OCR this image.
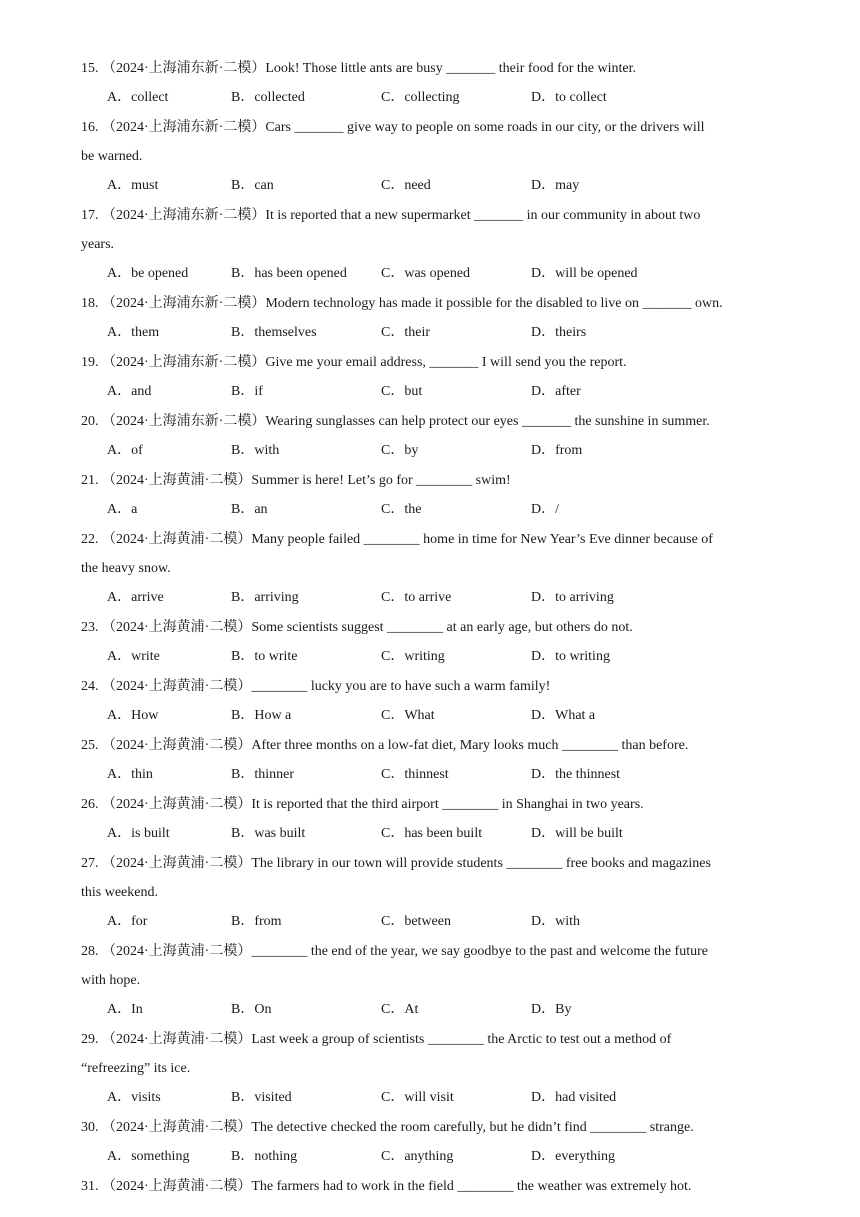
15. （2024·上海浦东新·二模）Look! Those little ants are busy _______ their food for the winter.
A．collect	B．collected	C．collecting	D．to collect
16. （2024·上海浦东新·二模）Cars _______ give way to people on some roads in our city, or the drivers will
be warned.
A．must	B．can	C．need	D．may
17. （2024·上海浦东新·二模）It is reported that a new supermarket _______ in our community in about two
years.
A．be opened	B．has been opened C．was opened	D．will be opened
18. （2024·上海浦东新·二模）Modern technology has made it possible for the disabled to live on _______ own.
A．them	B．themselves	C．their	D．theirs
19. （2024·上海浦东新·二模）Give me your email address, _______ I will send you the report.
A．and	B．if	C．but	D．after
20. （2024·上海浦东新·二模）Wearing sunglasses can help protect our eyes _______ the sunshine in summer.
A．of	B．with	C．by	D．from
21. （2024·上海黄浦·二模）Summer is here! Let’s go for ________ swim!
A．a	B．an	C．the	D．/
22. （2024·上海黄浦·二模）Many people failed ________ home in time for New Year’s Eve dinner because of
the heavy snow.
A．arrive	B．arriving	C．to arrive	D．to arriving
23. （2024·上海黄浦·二模）Some scientists suggest ________ at an early age, but others do not.
A．write	B．to write	C．writing	D．to writing
24. （2024·上海黄浦·二模）________ lucky you are to have such a warm family!
A．How	B．How a	C．What	D．What a
25. （2024·上海黄浦·二模）After three months on a low-fat diet, Mary looks much ________ than before.
A．thin	B．thinner	C．thinnest	D．the thinnest
26. （2024·上海黄浦·二模）It is reported that the third airport ________ in Shanghai in two years.
A．is built	B．was built	C．has been built	D．will be built
27. （2024·上海黄浦·二模）The library in our town will provide students ________ free books and magazines
this weekend.
A．for	B．from	C．between	D．with
28. （2024·上海黄浦·二模）________ the end of the year, we say goodbye to the past and welcome the future
with hope.
A．In	B．On	C．At	D．By
29. （2024·上海黄浦·二模）Last week a group of scientists ________ the Arctic to test out a method of
“refreezing” its ice.
A．visits	B．visited	C．will visit	D．had visited
30. （2024·上海黄浦·二模）The detective checked the room carefully, but he didn’t find ________ strange.
A．something	B．nothing	C．anything	D．everything
31. （2024·上海黄浦·二模）The farmers had to work in the field ________ the weather was extremely hot.
